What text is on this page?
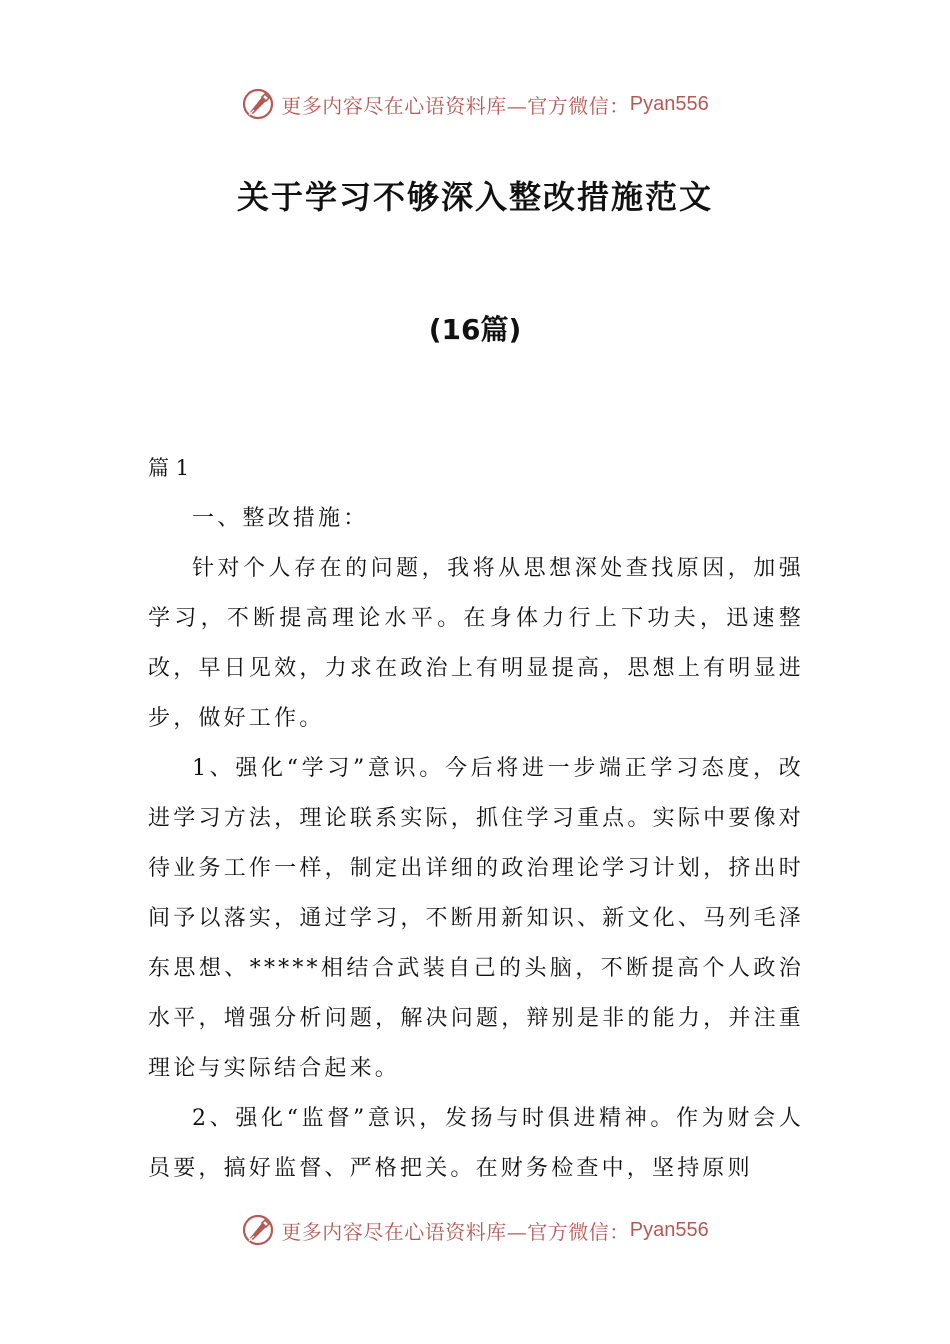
更多内容尽在心语资料库—官方微信： Pyan556
关于学习不够深入整改措施范文
(16篇)
篇 1

一、整改措施：

针对个人存在的问题，我将从思想深处查找原因，加强学习，不断提高理论水平。在身体力行上下功夫，迅速整改，早日见效，力求在政治上有明显提高，思想上有明显进步，做好工作。

1、强化“学习”意识。今后将进一步端正学习态度，改进学习方法，理论联系实际，抓住学习重点。实际中要像对待业务工作一样，制定出详细的政治理论学习计划，挤出时间予以落实，通过学习，不断用新知识、新文化、马列毛泽东思想、*****相结合武装自己的头脑，不断提高个人政治水平，增强分析问题，解决问题，辩别是非的能力，并注重理论与实际结合起来。

2、强化“监督”意识，发扬与时俱进精神。作为财会人员要，搞好监督、严格把关。在财务检查中，坚持原则

更多内容尽在心语资料库—官方微信： Pyan556
